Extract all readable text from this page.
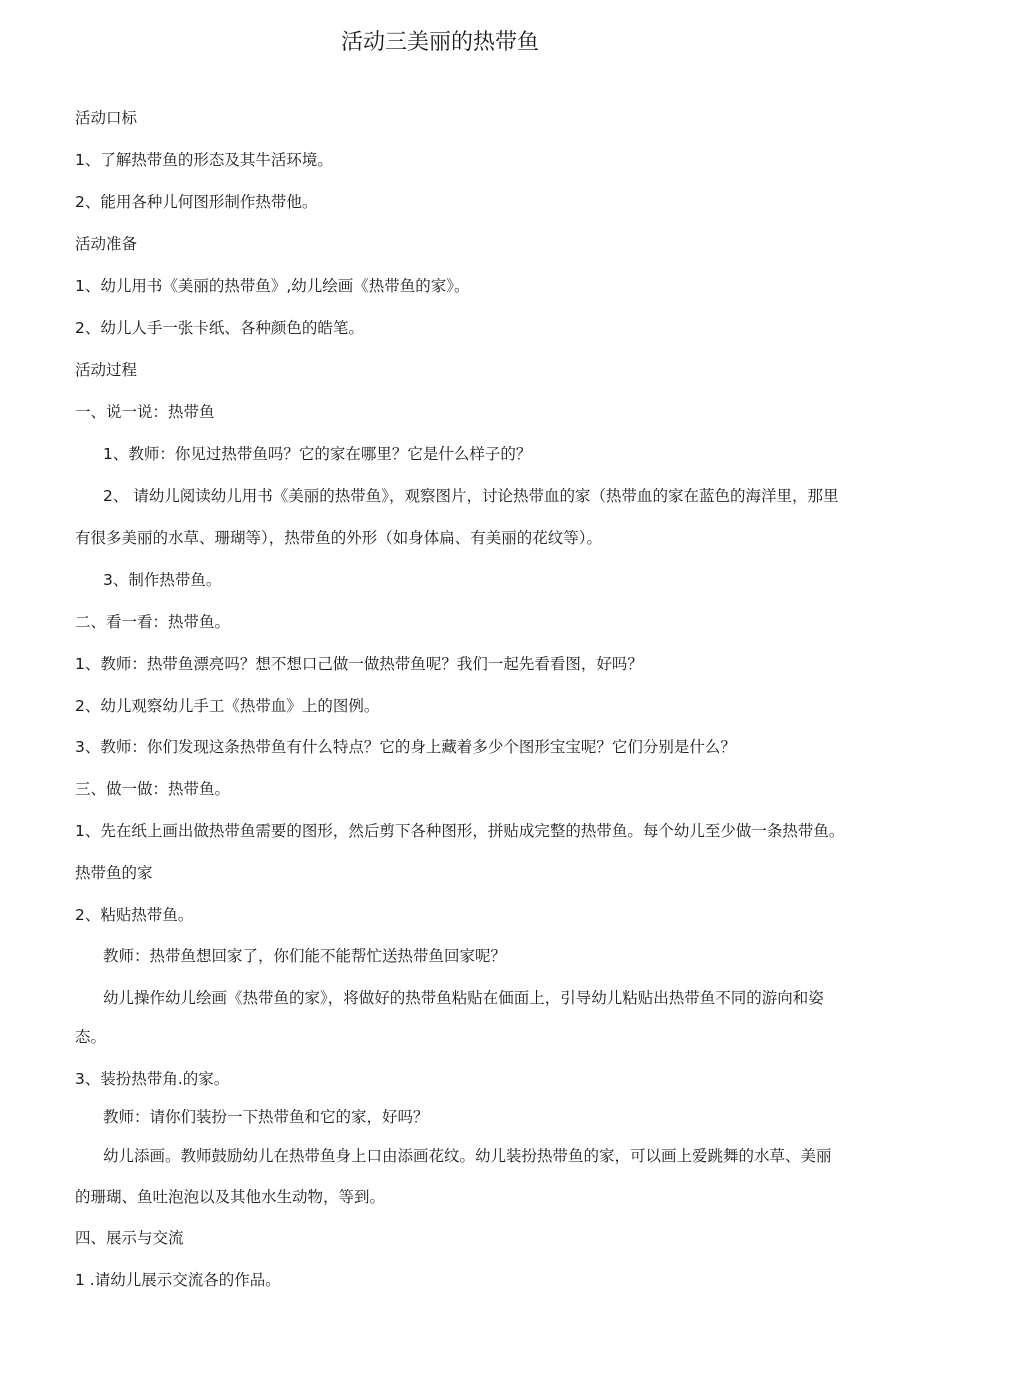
活动三美丽的热带鱼
活动口标
1、了解热带鱼的形态及其牛活环境。
2、能用各种儿何图形制作热带他。
活动准备
1、幼儿用书《美丽的热带鱼》,幼儿绘画《热带鱼的家》。
2、幼儿人手一张卡纸、各种颜色的皓笔。
活动过程
一、说一说：热带鱼
1、教师：你见过热带鱼吗？它的家在哪里？它是什么样子的？
2、 请幼儿阅读幼儿用书《美丽的热带鱼》，观察图片，讨论热带血的家（热带血的家在蓝色的海洋里，那里
有很多美丽的水草、珊瑚等），热带鱼的外形（如身体扁、有美丽的花纹等）。
3、制作热带鱼。
二、看一看：热带鱼。
1、教师：热带鱼漂亮吗？想不想口己做一做热带鱼呢？我们一起先看看图，好吗？
2、幼儿观察幼儿手工《热带血》上的图例。
3、教师：你们发现这条热带鱼有什么特点？它的身上藏着多少个图形宝宝呢？它们分别是什么？
三、做一做：热带鱼。
1、先在纸上画出做热带鱼需要的图形，然后剪下各种图形，拼贴成完整的热带鱼。每个幼儿至少做一条热带鱼。
热带鱼的家
2、粘贴热带鱼。
教师：热带鱼想回家了，你们能不能帮忙送热带鱼回家呢？
幼儿操作幼儿绘画《热带鱼的家》，将做好的热带鱼粘贴在価面上，引导幼儿粘贴出热带鱼不同的游向和姿
态。
3、装扮热带角.的家。
教师：请你们装扮一下热带鱼和它的家，好吗？
幼儿添画。教师鼓励幼儿在热带鱼身上口由添画花纹。幼儿装扮热带鱼的家，可以画上爱跳舞的水草、美丽
的珊瑚、鱼吐泡泡以及其他水生动物，等到。
四、展示与交流
1 .请幼儿展示交流各的作品。
